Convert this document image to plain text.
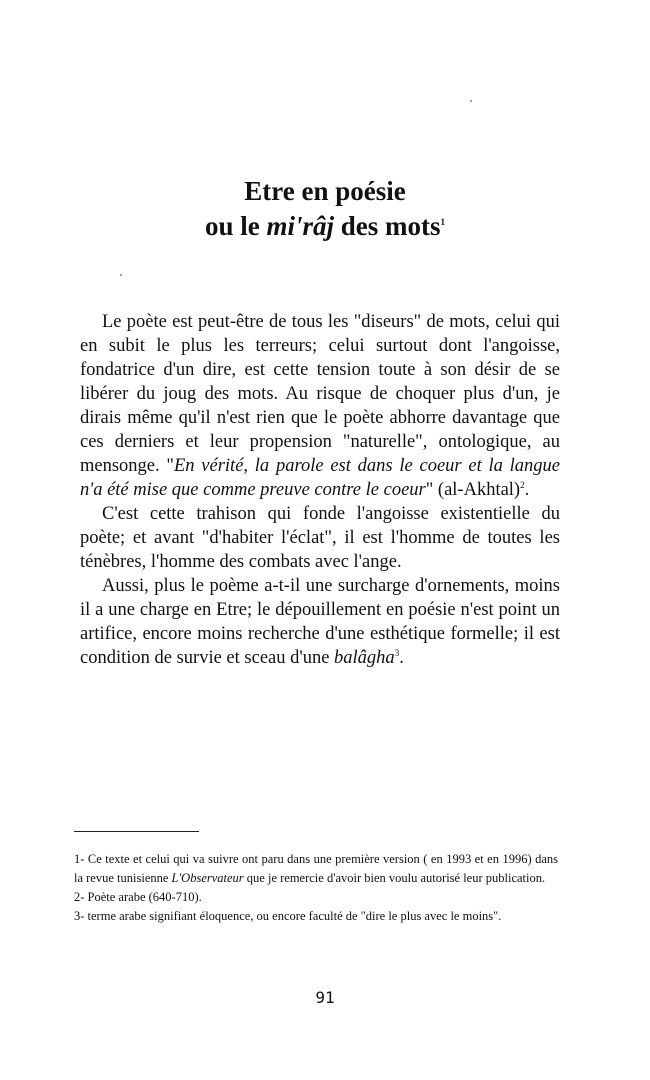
Etre en poésie
ou le mi'râj des mots$^1$

Le poète est peut-être de tous les "diseurs" de mots, celui qui en subit le plus les terreurs; celui surtout dont l'angoisse, fondatrice d'un dire, est cette tension toute à son désir de se libérer du joug des mots. Au risque de choquer plus d'un, je dirais même qu'il n'est rien que le poète abhorre davantage que ces derniers et leur propension "naturelle", ontologique, au mensonge. "En vérité, la parole est dans le coeur et la langue n'a été mise que comme preuve contre le coeur" (al-Akhtal)$^2$.

C'est cette trahison qui fonde l'angoisse existentielle du poète; et avant "d'habiter l'éclat", il est l'homme de toutes les ténèbres, l'homme des combats avec l'ange.

Aussi, plus le poème a-t-il une surcharge d'ornements, moins il a une charge en Etre; le dépouillement en poésie n'est point un artifice, encore moins recherche d'une esthétique formelle; il est condition de survie et sceau d'une balâgha$^3$.

1- Ce texte et celui qui va suivre ont paru dans une première version ( en 1993 et en 1996) dans la revue tunisienne L'Observateur que je remercie d'avoir bien voulu autorisé leur publication.

2- Poète arabe (640-710).

3- terme arabe signifiant éloquence, ou encore faculté de "dire le plus avec le moins".

91
